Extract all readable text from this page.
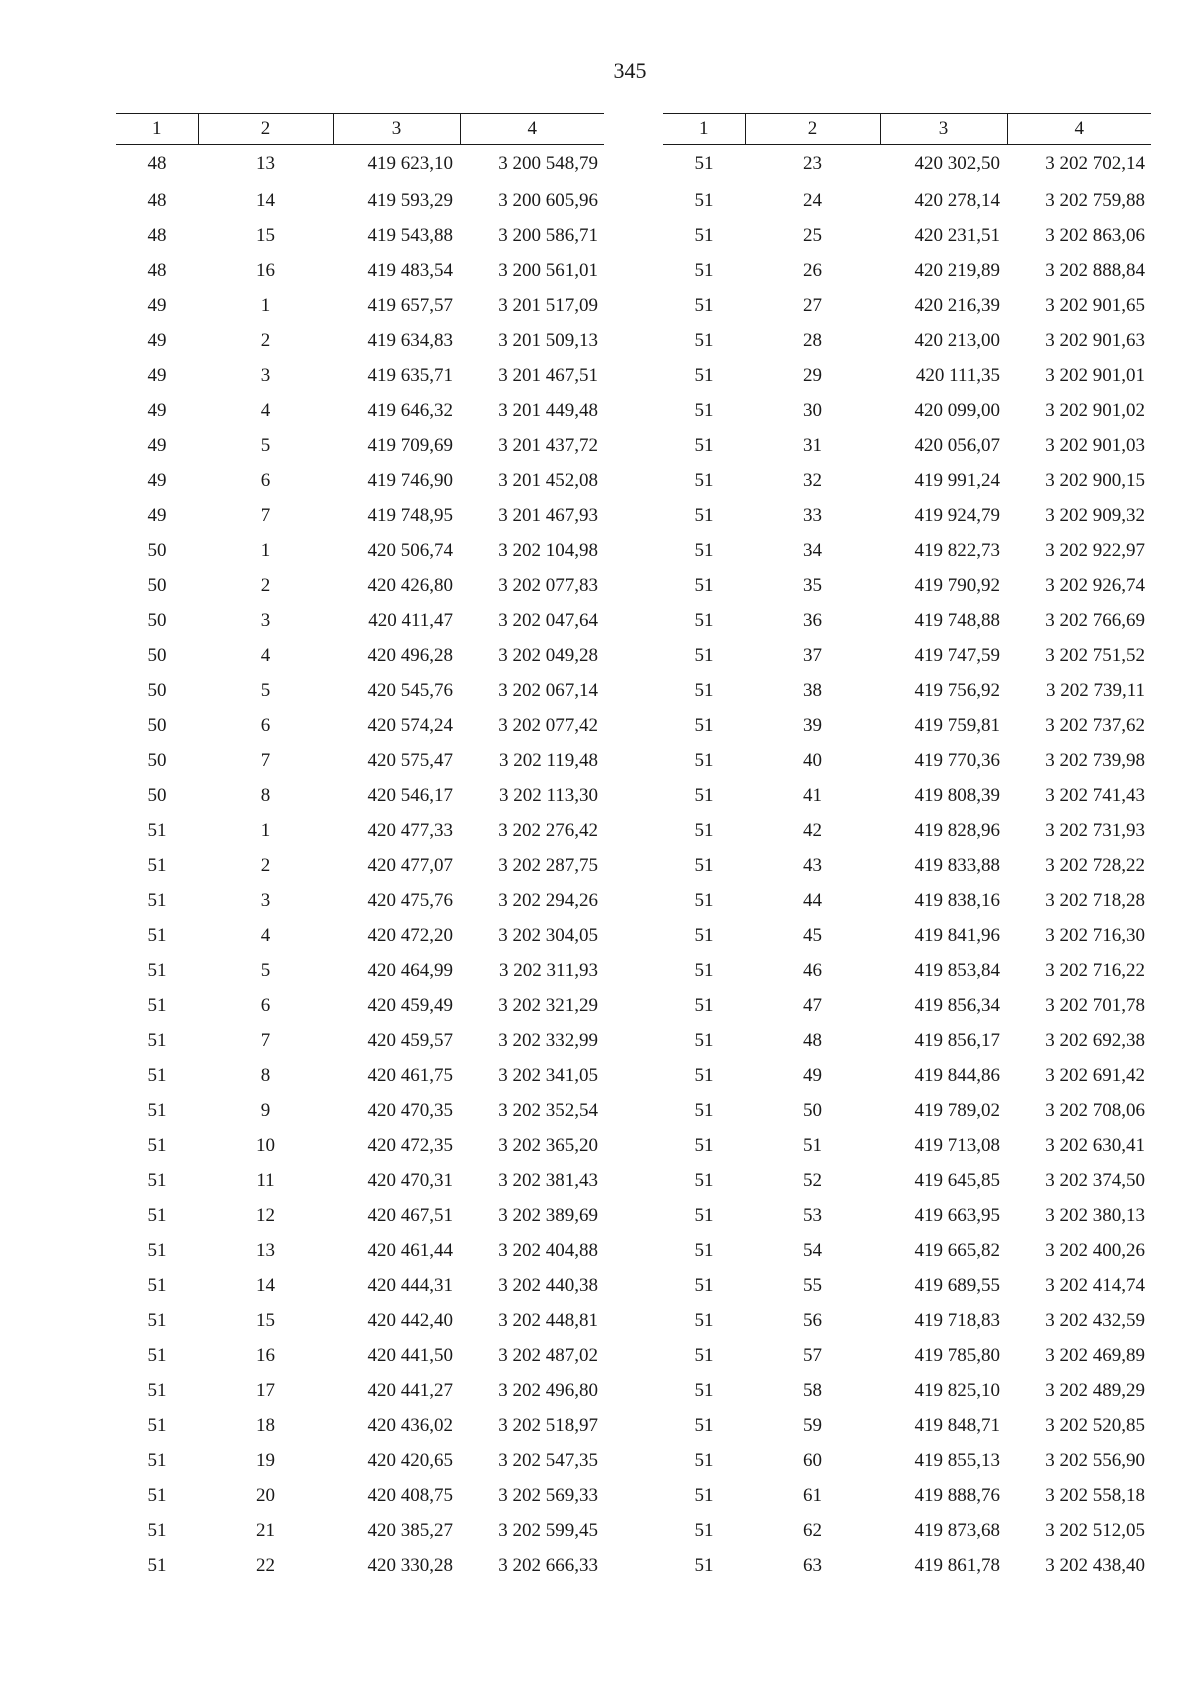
345
1	2	3	4
48	13	419 623,10	3 200 548,79
48	14	419 593,29	3 200 605,96
48	15	419 543,88	3 200 586,71
48	16	419 483,54	3 200 561,01
49	1	419 657,57	3 201 517,09
49	2	419 634,83	3 201 509,13
49	3	419 635,71	3 201 467,51
49	4	419 646,32	3 201 449,48
49	5	419 709,69	3 201 437,72
49	6	419 746,90	3 201 452,08
49	7	419 748,95	3 201 467,93
50	1	420 506,74	3 202 104,98
50	2	420 426,80	3 202 077,83
50	3	420 411,47	3 202 047,64
50	4	420 496,28	3 202 049,28
50	5	420 545,76	3 202 067,14
50	6	420 574,24	3 202 077,42
50	7	420 575,47	3 202 119,48
50	8	420 546,17	3 202 113,30
51	1	420 477,33	3 202 276,42
51	2	420 477,07	3 202 287,75
51	3	420 475,76	3 202 294,26
51	4	420 472,20	3 202 304,05
51	5	420 464,99	3 202 311,93
51	6	420 459,49	3 202 321,29
51	7	420 459,57	3 202 332,99
51	8	420 461,75	3 202 341,05
51	9	420 470,35	3 202 352,54
51	10	420 472,35	3 202 365,20
51	11	420 470,31	3 202 381,43
51	12	420 467,51	3 202 389,69
51	13	420 461,44	3 202 404,88
51	14	420 444,31	3 202 440,38
51	15	420 442,40	3 202 448,81
51	16	420 441,50	3 202 487,02
51	17	420 441,27	3 202 496,80
51	18	420 436,02	3 202 518,97
51	19	420 420,65	3 202 547,35
51	20	420 408,75	3 202 569,33
51	21	420 385,27	3 202 599,45
51	22	420 330,28	3 202 666,33
1	2	3	4
51	23	420 302,50	3 202 702,14
51	24	420 278,14	3 202 759,88
51	25	420 231,51	3 202 863,06
51	26	420 219,89	3 202 888,84
51	27	420 216,39	3 202 901,65
51	28	420 213,00	3 202 901,63
51	29	420 111,35	3 202 901,01
51	30	420 099,00	3 202 901,02
51	31	420 056,07	3 202 901,03
51	32	419 991,24	3 202 900,15
51	33	419 924,79	3 202 909,32
51	34	419 822,73	3 202 922,97
51	35	419 790,92	3 202 926,74
51	36	419 748,88	3 202 766,69
51	37	419 747,59	3 202 751,52
51	38	419 756,92	3 202 739,11
51	39	419 759,81	3 202 737,62
51	40	419 770,36	3 202 739,98
51	41	419 808,39	3 202 741,43
51	42	419 828,96	3 202 731,93
51	43	419 833,88	3 202 728,22
51	44	419 838,16	3 202 718,28
51	45	419 841,96	3 202 716,30
51	46	419 853,84	3 202 716,22
51	47	419 856,34	3 202 701,78
51	48	419 856,17	3 202 692,38
51	49	419 844,86	3 202 691,42
51	50	419 789,02	3 202 708,06
51	51	419 713,08	3 202 630,41
51	52	419 645,85	3 202 374,50
51	53	419 663,95	3 202 380,13
51	54	419 665,82	3 202 400,26
51	55	419 689,55	3 202 414,74
51	56	419 718,83	3 202 432,59
51	57	419 785,80	3 202 469,89
51	58	419 825,10	3 202 489,29
51	59	419 848,71	3 202 520,85
51	60	419 855,13	3 202 556,90
51	61	419 888,76	3 202 558,18
51	62	419 873,68	3 202 512,05
51	63	419 861,78	3 202 438,40
